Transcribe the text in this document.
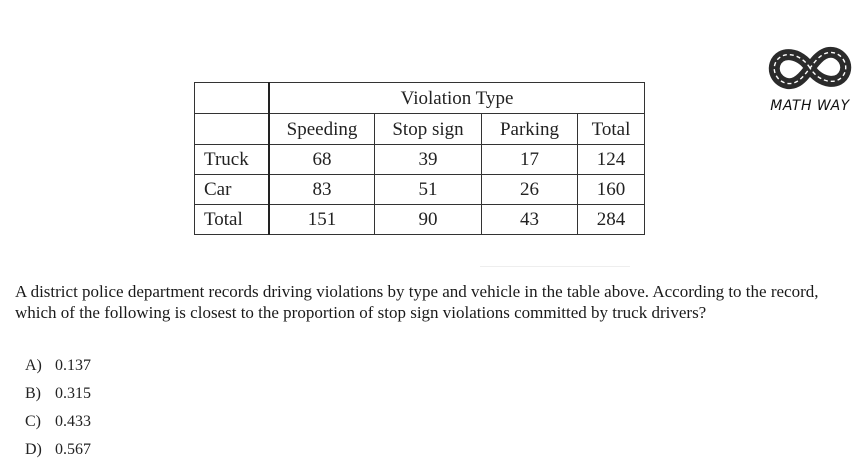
	Violation Type			
	Speeding	Stop sign	Parking	Total
Truck	68	39	17	124
Car	83	51	26	160
Total	151	90	43	284
MATH WAY
A district police department records driving violations by type and vehicle in the table above. According to the record, which of the following is closest to the proportion of stop sign violations committed by truck drivers?
A) 0.137
B) 0.315
C) 0.433
D) 0.567
